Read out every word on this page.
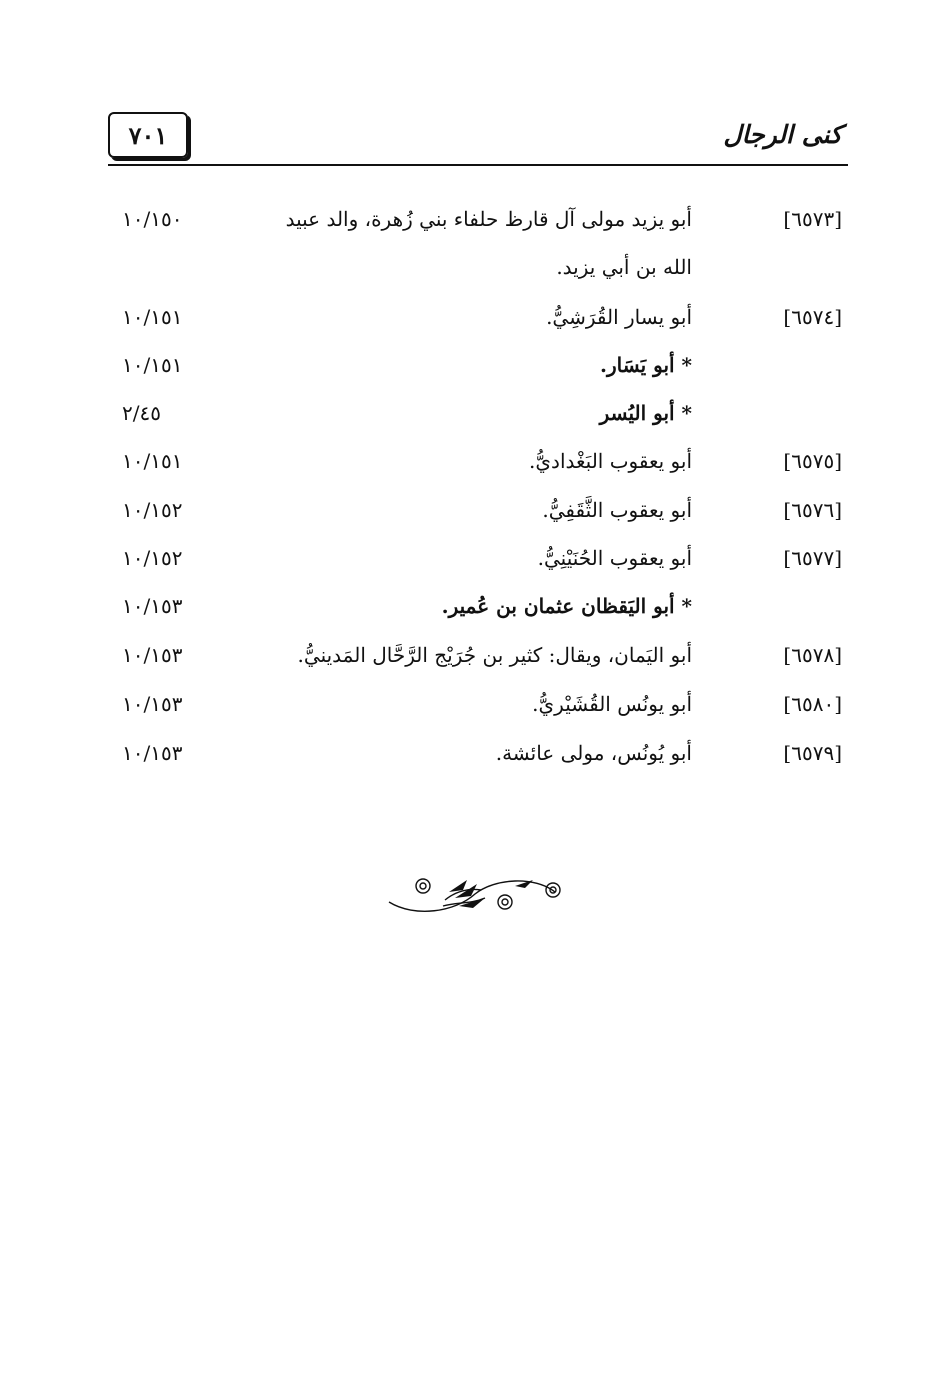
٧٠١	كنى الرجال
[٦٥٧٣]
أبو يزيد مولى آل قارظ حلفاء بني زُهرة، والد عبيد الله بن أبي يزيد.
١٠/١٥٠
[٦٥٧٤]
أبو يسار القُرَشِيُّ.
١٠/١٥١
* أبو يَسَار.
١٠/١٥١
* أبو اليُسر
٢/٤٥
[٦٥٧٥]
أبو يعقوب البَغْداديُّ.
١٠/١٥١
[٦٥٧٦]
أبو يعقوب الثَّقَفِيُّ.
١٠/١٥٢
[٦٥٧٧]
أبو يعقوب الحُنَيْنِيُّ.
١٠/١٥٢
* أبو اليَقظان عثمان بن عُمير.
١٠/١٥٣
[٦٥٧٨]
أبو اليَمان، ويقال: كثير بن جُرَيْج الرَّحَّال المَدينيُّ.
١٠/١٥٣
[٦٥٨٠]
أبو يونُس القُشَيْريُّ.
١٠/١٥٣
[٦٥٧٩]
أبو يُونُس، مولى عائشة.
١٠/١٥٣
